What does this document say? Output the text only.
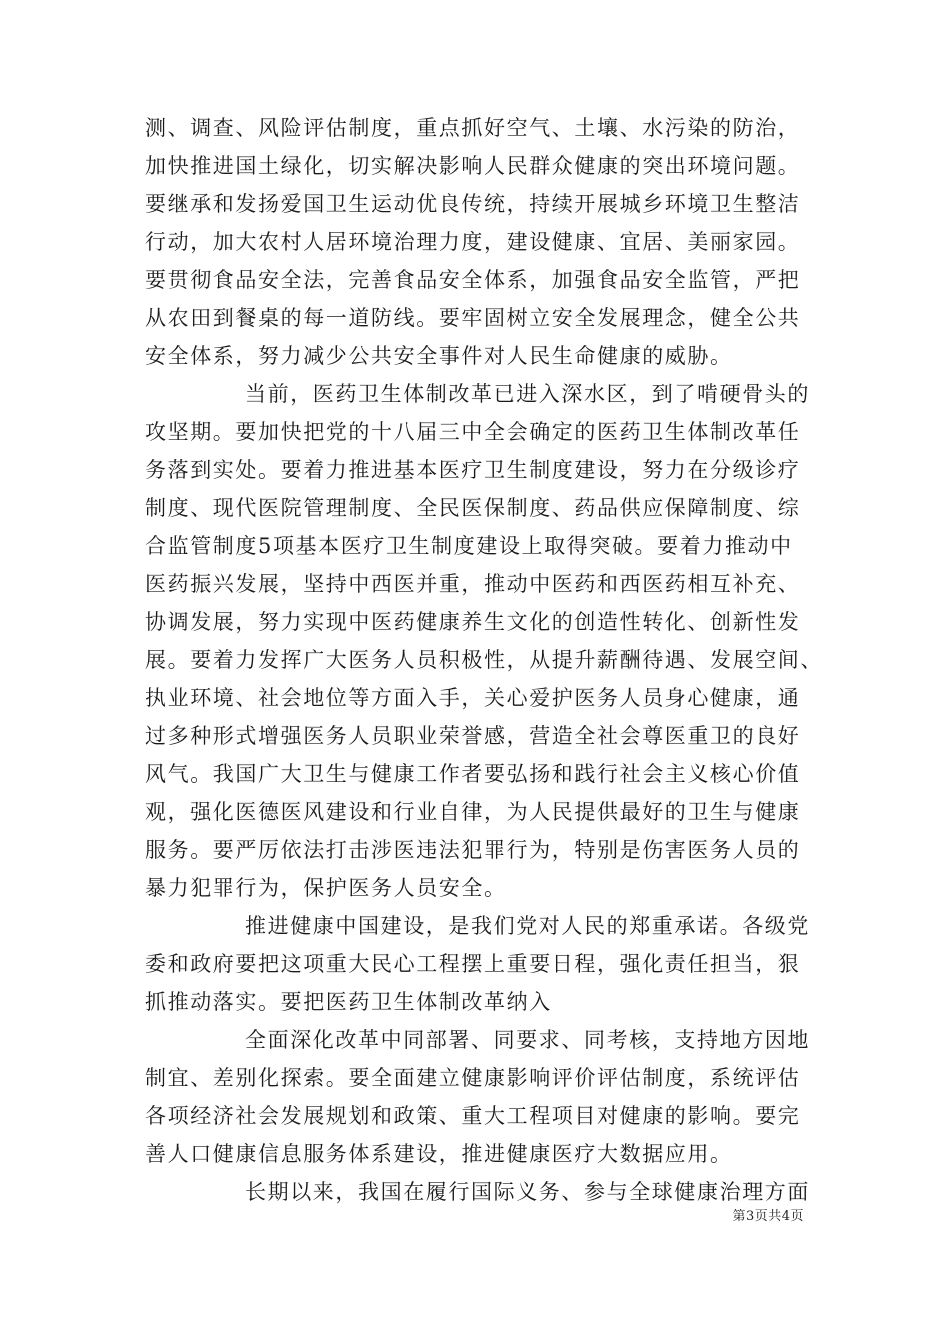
测、调查、风险评估制度，重点抓好空气、土壤、水污染的防治，
加快推进国土绿化，切实解决影响人民群众健康的突出环境问题。
要继承和发扬爱国卫生运动优良传统，持续开展城乡环境卫生整洁
行动，加大农村人居环境治理力度，建设健康、宜居、美丽家园。
要贯彻食品安全法，完善食品安全体系，加强食品安全监管，严把
从农田到餐桌的每一道防线。要牢固树立安全发展理念，健全公共
安全体系，努力减少公共安全事件对人民生命健康的威胁。
当前，医药卫生体制改革已进入深水区，到了啃硬骨头的
攻坚期。要加快把党的十八届三中全会确定的医药卫生体制改革任
务落到实处。要着力推进基本医疗卫生制度建设，努力在分级诊疗
制度、现代医院管理制度、全民医保制度、药品供应保障制度、综
合监管制度5项基本医疗卫生制度建设上取得突破。要着力推动中
医药振兴发展，坚持中西医并重，推动中医药和西医药相互补充、
协调发展，努力实现中医药健康养生文化的创造性转化、创新性发
展。要着力发挥广大医务人员积极性，从提升薪酬待遇、发展空间、
执业环境、社会地位等方面入手，关心爱护医务人员身心健康，通
过多种形式增强医务人员职业荣誉感，营造全社会尊医重卫的良好
风气。我国广大卫生与健康工作者要弘扬和践行社会主义核心价值
观，强化医德医风建设和行业自律，为人民提供最好的卫生与健康
服务。要严厉依法打击涉医违法犯罪行为，特别是伤害医务人员的
暴力犯罪行为，保护医务人员安全。
推进健康中国建设，是我们党对人民的郑重承诺。各级党
委和政府要把这项重大民心工程摆上重要日程，强化责任担当，狠
抓推动落实。要把医药卫生体制改革纳入
全面深化改革中同部署、同要求、同考核，支持地方因地
制宜、差别化探索。要全面建立健康影响评价评估制度，系统评估
各项经济社会发展规划和政策、重大工程项目对健康的影响。要完
善人口健康信息服务体系建设，推进健康医疗大数据应用。
长期以来，我国在履行国际义务、参与全球健康治理方面
第3页共4页
